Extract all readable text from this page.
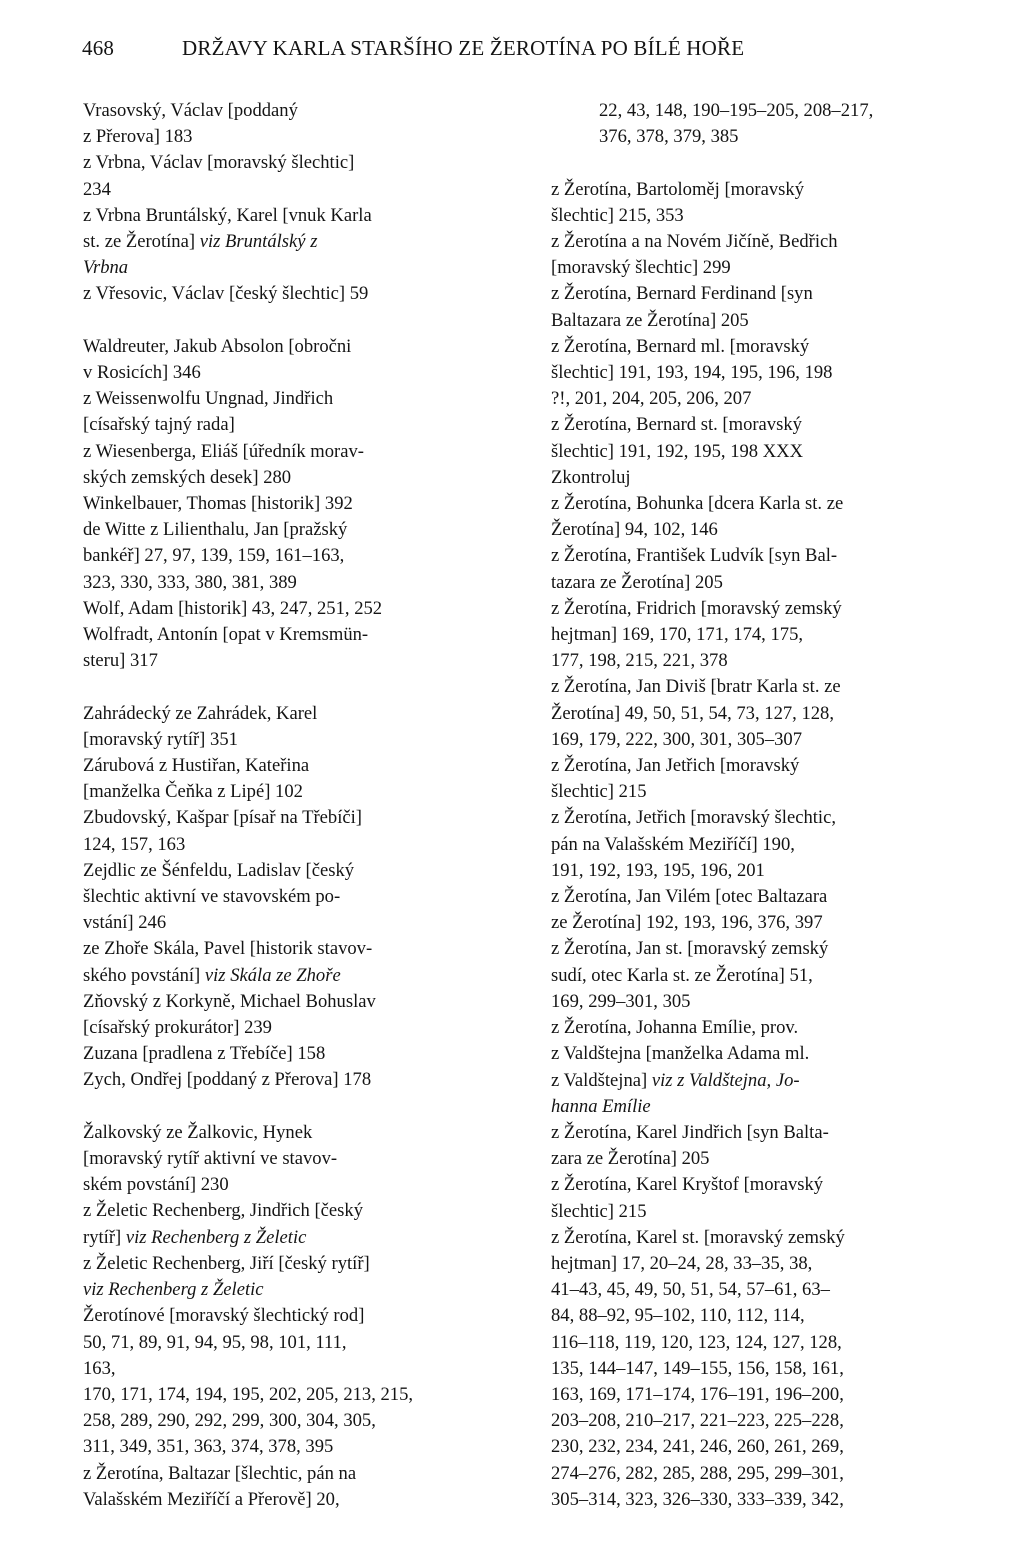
468	DRŽAVY KARLA STARŠÍHO ZE ŽEROTÍNA PO BÍLÉ HOŘE
Vrasovský, Václav [poddaný
z Přerova] 183
z Vrbna, Václav [moravský šlechtic]
234
z Vrbna Bruntálský, Karel [vnuk Karla
st. ze Žerotína] viz Bruntálský z
Vrbna
z Vřesovic, Václav [český šlechtic] 59
Waldreuter, Jakub Absolon [obročni
v Rosicích] 346
z Weissenwolfu Ungnad, Jindřich
[císařský tajný rada]
z Wiesenberga, Eliáš [úředník morav-
ských zemských desek] 280
Winkelbauer, Thomas [historik] 392
de Witte z Lilienthalu, Jan [pražský
bankéř] 27, 97, 139, 159, 161–163,
323, 330, 333, 380, 381, 389
Wolf, Adam [historik] 43, 247, 251, 252
Wolfradt, Antonín [opat v Kremsmün-
steru] 317
Zahrádecký ze Zahrádek, Karel
[moravský rytíř] 351
Zárubová z Hustiřan, Kateřina
[manželka Čeňka z Lipé] 102
Zbudovský, Kašpar [písař na Třebíči]
124, 157, 163
Zejdlic ze Šénfeldu, Ladislav [český
šlechtic aktivní ve stavovském po-
vstání] 246
ze Zhoře Skála, Pavel [historik stavov-
ského povstání] viz Skála ze Zhoře
Zňovský z Korkyně, Michael Bohuslav
[císařský prokurátor] 239
Zuzana [pradlena z Třebíče] 158
Zych, Ondřej [poddaný z Přerova] 178
Žalkovský ze Žalkovic, Hynek
[moravský rytíř aktivní ve stavov-
ském povstání] 230
z Želetic Rechenberg, Jindřich [český
rytíř] viz Rechenberg z Želetic
z Želetic Rechenberg, Jiří [český rytíř]
viz Rechenberg z Želetic
Žerotínové [moravský šlechtický rod]
50, 71, 89, 91, 94, 95, 98, 101, 111,
163,
170, 171, 174, 194, 195, 202, 205, 213, 215,
258, 289, 290, 292, 299, 300, 304, 305,
311, 349, 351, 363, 374, 378, 395
z Žerotína, Baltazar [šlechtic, pán na
Valašském Meziříčí a Přerově] 20,
22, 43, 148, 190–195–205, 208–217,
376, 378, 379, 385
z Žerotína, Bartoloměj [moravský
šlechtic] 215, 353
z Žerotína a na Novém Jičíně, Bedřich
[moravský šlechtic] 299
z Žerotína, Bernard Ferdinand [syn
Baltazara ze Žerotína] 205
z Žerotína, Bernard ml. [moravský
šlechtic] 191, 193, 194, 195, 196, 198
?!, 201, 204, 205, 206, 207
z Žerotína, Bernard st. [moravský
šlechtic] 191, 192, 195, 198 XXX
Zkontroluj
z Žerotína, Bohunka [dcera Karla st. ze
Žerotína] 94, 102, 146
z Žerotína, František Ludvík [syn Bal-
tazara ze Žerotína] 205
z Žerotína, Fridrich [moravský zemský
hejtman] 169, 170, 171, 174, 175,
177, 198, 215, 221, 378
z Žerotína, Jan Diviš [bratr Karla st. ze
Žerotína] 49, 50, 51, 54, 73, 127, 128,
169, 179, 222, 300, 301, 305–307
z Žerotína, Jan Jetřich [moravský
šlechtic] 215
z Žerotína, Jetřich [moravský šlechtic,
pán na Valašském Meziříčí] 190,
191, 192, 193, 195, 196, 201
z Žerotína, Jan Vilém [otec Baltazara
ze Žerotína] 192, 193, 196, 376, 397
z Žerotína, Jan st. [moravský zemský
sudí, otec Karla st. ze Žerotína] 51,
169, 299–301, 305
z Žerotína, Johanna Emílie, prov.
z Valdštejna [manželka Adama ml.
z Valdštejna] viz z Valdštejna, Jo-
hanna Emílie
z Žerotína, Karel Jindřich [syn Balta-
zara ze Žerotína] 205
z Žerotína, Karel Kryštof [moravský
šlechtic] 215
z Žerotína, Karel st. [moravský zemský
hejtman] 17, 20–24, 28, 33–35, 38,
41–43, 45, 49, 50, 51, 54, 57–61, 63–
84, 88–92, 95–102, 110, 112, 114,
116–118, 119, 120, 123, 124, 127, 128,
135, 144–147, 149–155, 156, 158, 161,
163, 169, 171–174, 176–191, 196–200,
203–208, 210–217, 221–223, 225–228,
230, 232, 234, 241, 246, 260, 261, 269,
274–276, 282, 285, 288, 295, 299–301,
305–314, 323, 326–330, 333–339, 342,
